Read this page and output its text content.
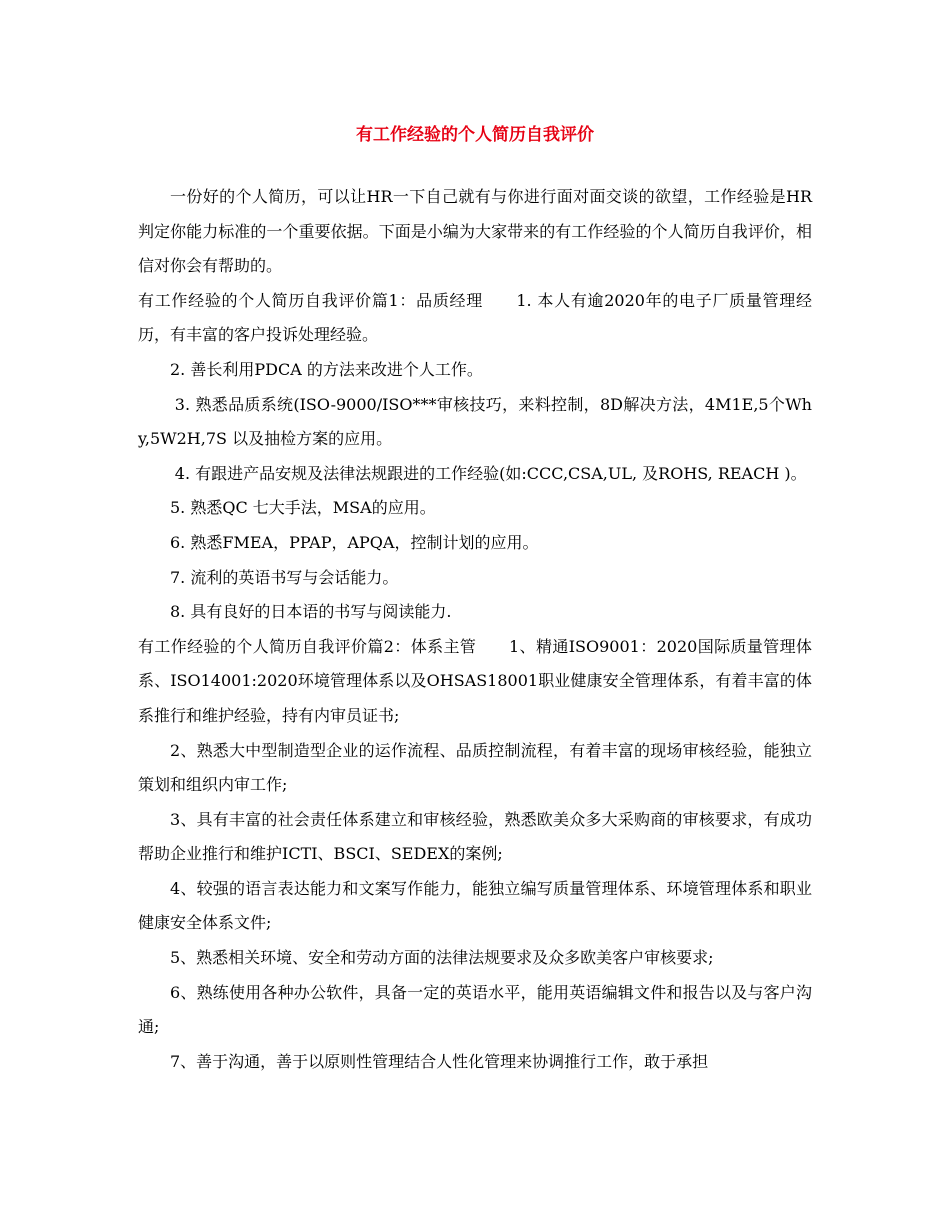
有工作经验的个人简历自我评价

一份好的个人简历，可以让HR一下自己就有与你进行面对面交谈的欲望，工作经验是HR判定你能力标准的一个重要依据。下面是小编为大家带来的有工作经验的个人简历自我评价，相信对你会有帮助的。

有工作经验的个人简历自我评价篇1：品质经理　　1. 本人有逾2020年的电子厂质量管理经历，有丰富的客户投诉处理经验。

2. 善长利用PDCA 的方法来改进个人工作。

3. 熟悉品质系统(ISO-9000/ISO***审核技巧，来料控制，8D解决方法，4M1E,5个Why,5W2H,7S 以及抽检方案的应用。

4. 有跟进产品安规及法律法规跟进的工作经验(如:CCC,CSA,UL, 及ROHS, REACH )。

5. 熟悉QC 七大手法，MSA的应用。

6. 熟悉FMEA，PPAP，APQA，控制计划的应用。

7. 流利的英语书写与会话能力。

8. 具有良好的日本语的书写与阅读能力.

有工作经验的个人简历自我评价篇2：体系主管　　1、精通ISO9001：2020国际质量管理体系、ISO14001:2020环境管理体系以及OHSAS18001职业健康安全管理体系，有着丰富的体系推行和维护经验，持有内审员证书;

2、熟悉大中型制造型企业的运作流程、品质控制流程，有着丰富的现场审核经验，能独立策划和组织内审工作;

3、具有丰富的社会责任体系建立和审核经验，熟悉欧美众多大采购商的审核要求，有成功帮助企业推行和维护ICTI、BSCI、SEDEX的案例;

4、较强的语言表达能力和文案写作能力，能独立编写质量管理体系、环境管理体系和职业健康安全体系文件;

5、熟悉相关环境、安全和劳动方面的法律法规要求及众多欧美客户审核要求;

6、熟练使用各种办公软件，具备一定的英语水平，能用英语编辑文件和报告以及与客户沟通;

7、善于沟通，善于以原则性管理结合人性化管理来协调推行工作，敢于承担
